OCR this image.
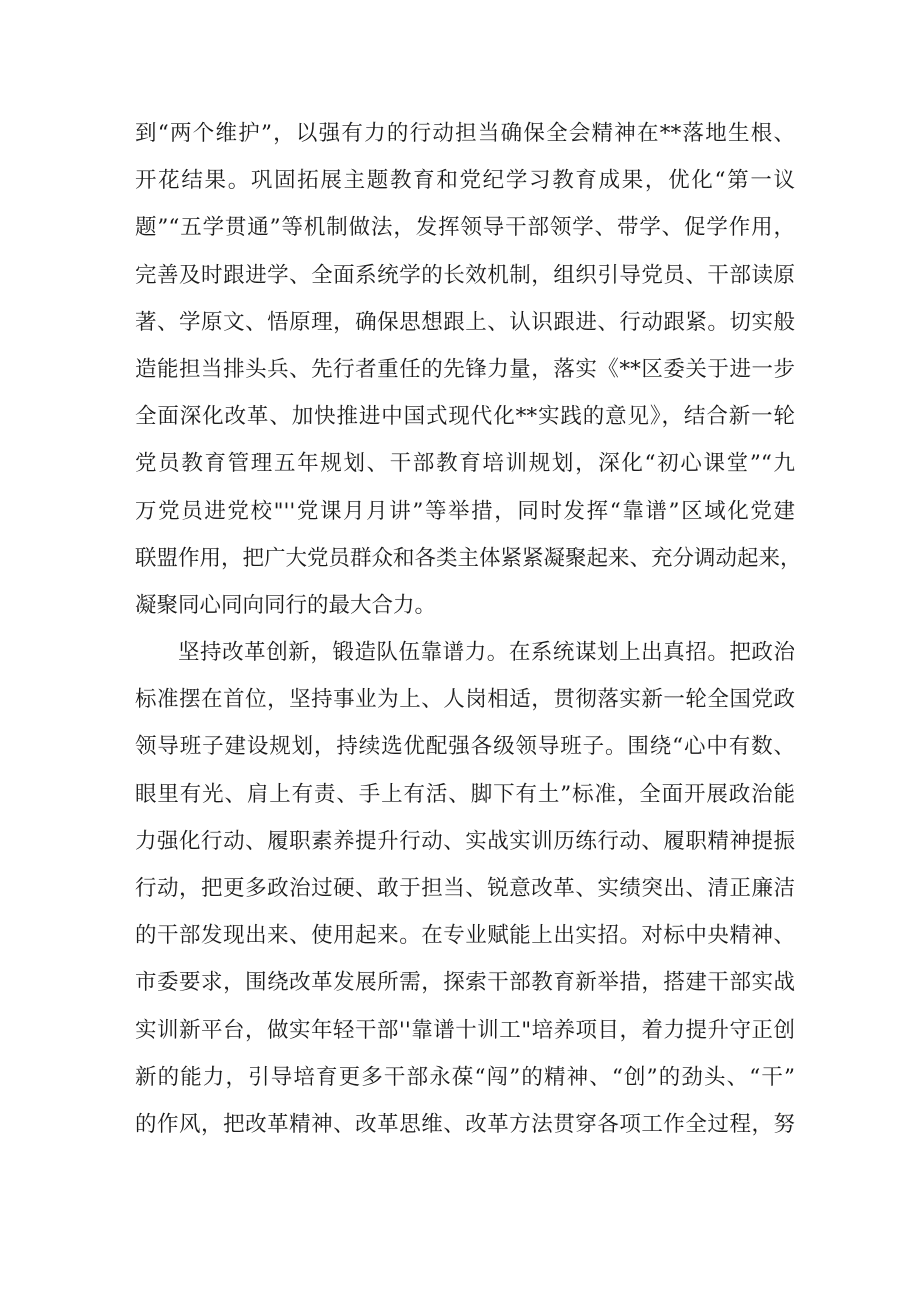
到“两个维护”，以强有力的行动担当确保全会精神在**落地生根、
开花结果。巩固拓展主题教育和党纪学习教育成果，优化“第一议
题”“五学贯通”等机制做法，发挥领导干部领学、带学、促学作用，
完善及时跟进学、全面系统学的长效机制，组织引导党员、干部读原
著、学原文、悟原理，确保思想跟上、认识跟进、行动跟紧。切实般
造能担当排头兵、先行者重任的先锋力量，落实《**区委关于进一步
全面深化改革、加快推进中国式现代化**实践的意见》，结合新一轮
党员教育管理五年规划、干部教育培训规划，深化“初心课堂”“九
万党员进党校"''党课月月讲”等举措，同时发挥“靠谱”区域化党建
联盟作用，把广大党员群众和各类主体紧紧凝聚起来、充分调动起来，
凝聚同心同向同行的最大合力。
坚持改革创新，锻造队伍靠谱力。在系统谋划上出真招。把政治
标准摆在首位，坚持事业为上、人岗相适，贯彻落实新一轮全国党政
领导班子建设规划，持续选优配强各级领导班子。围绕“心中有数、
眼里有光、肩上有责、手上有活、脚下有土”标准，全面开展政治能
力强化行动、履职素养提升行动、实战实训历练行动、履职精神提振
行动，把更多政治过硬、敢于担当、锐意改革、实绩突出、清正廉洁
的干部发现出来、使用起来。在专业赋能上出实招。对标中央精神、
市委要求，围绕改革发展所需，探索干部教育新举措，搭建干部实战
实训新平台，做实年轻干部''靠谱十训工"培养项目，着力提升守正创
新的能力，引导培育更多干部永葆“闯”的精神、“创”的劲头、“干”
的作风，把改革精神、改革思维、改革方法贯穿各项工作全过程，努
